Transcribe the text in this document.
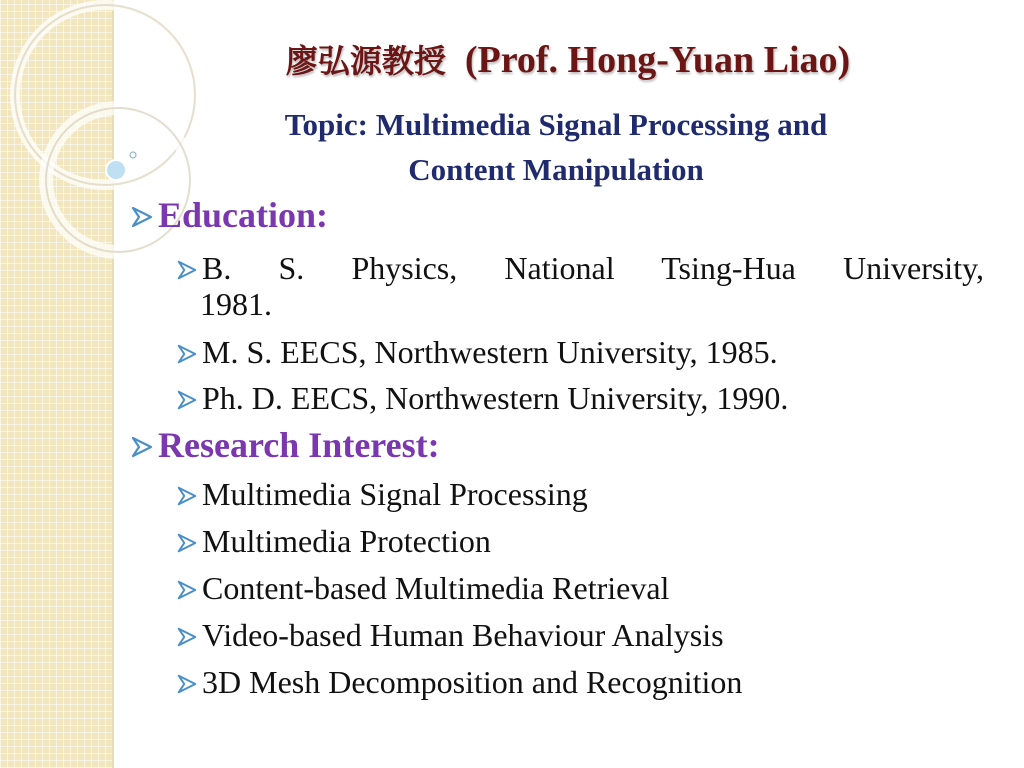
廖弘源教授 (Prof. Hong-Yuan Liao)
Topic: Multimedia Signal Processing and
Content Manipulation
Education:
B. S. Physics, National Tsing-Hua University,
1981.
M. S. EECS, Northwestern University, 1985.
Ph. D. EECS, Northwestern University, 1990.
Research Interest:
Multimedia Signal Processing
Multimedia Protection
Content-based Multimedia Retrieval
Video-based Human Behaviour Analysis
3D Mesh Decomposition and Recognition
